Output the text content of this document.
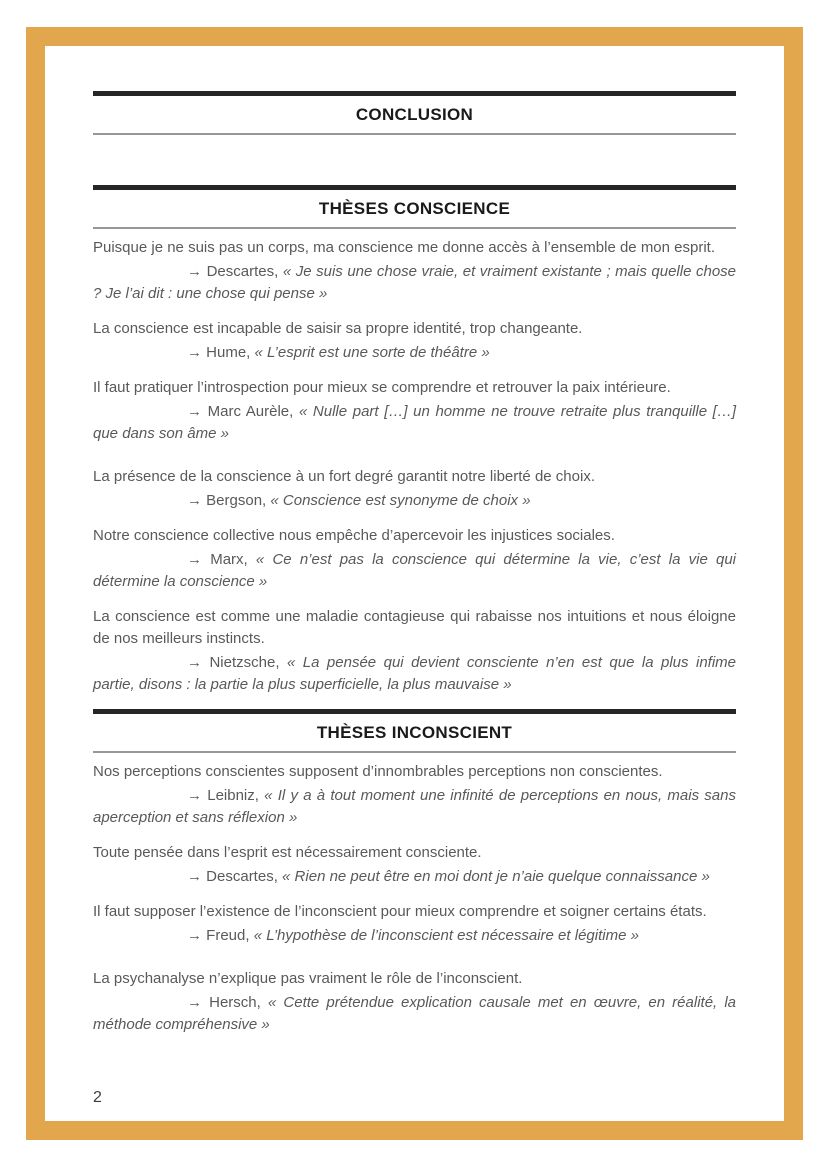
CONCLUSION
THÈSES CONSCIENCE

Puisque je ne suis pas un corps, ma conscience me donne accès à l’ensemble de mon esprit.

→ Descartes, « Je suis une chose vraie, et vraiment existante ; mais quelle chose ? Je l’ai dit : une chose qui pense »

La conscience est incapable de saisir sa propre identité, trop changeante.

→ Hume, « L’esprit est une sorte de théâtre »

Il faut pratiquer l’introspection pour mieux se comprendre et retrouver la paix intérieure.

→ Marc Aurèle, « Nulle part […] un homme ne trouve retraite plus tranquille […] que dans son âme »

La présence de la conscience à un fort degré garantit notre liberté de choix.

→ Bergson, « Conscience est synonyme de choix »

Notre conscience collective nous empêche d’apercevoir les injustices sociales.

→ Marx, « Ce n’est pas la conscience qui détermine la vie, c’est la vie qui détermine la conscience »

La conscience est comme une maladie contagieuse qui rabaisse nos intuitions et nous éloigne de nos meilleurs instincts.

→ Nietzsche, « La pensée qui devient consciente n’en est que la plus infime partie, disons : la partie la plus superficielle, la plus mauvaise »

THÈSES INCONSCIENT

Nos perceptions conscientes supposent d’innombrables perceptions non conscientes.

→ Leibniz, « Il y a à tout moment une infinité de perceptions en nous, mais sans aperception et sans réflexion »

Toute pensée dans l’esprit est nécessairement consciente.

→ Descartes, « Rien ne peut être en moi dont je n’aie quelque connaissance »

Il faut supposer l’existence de l’inconscient pour mieux comprendre et soigner certains états.

→ Freud, « L’hypothèse de l’inconscient est nécessaire et légitime »

La psychanalyse n’explique pas vraiment le rôle de l’inconscient.

→ Hersch, « Cette prétendue explication causale met en œuvre, en réalité, la méthode compréhensive »

2
